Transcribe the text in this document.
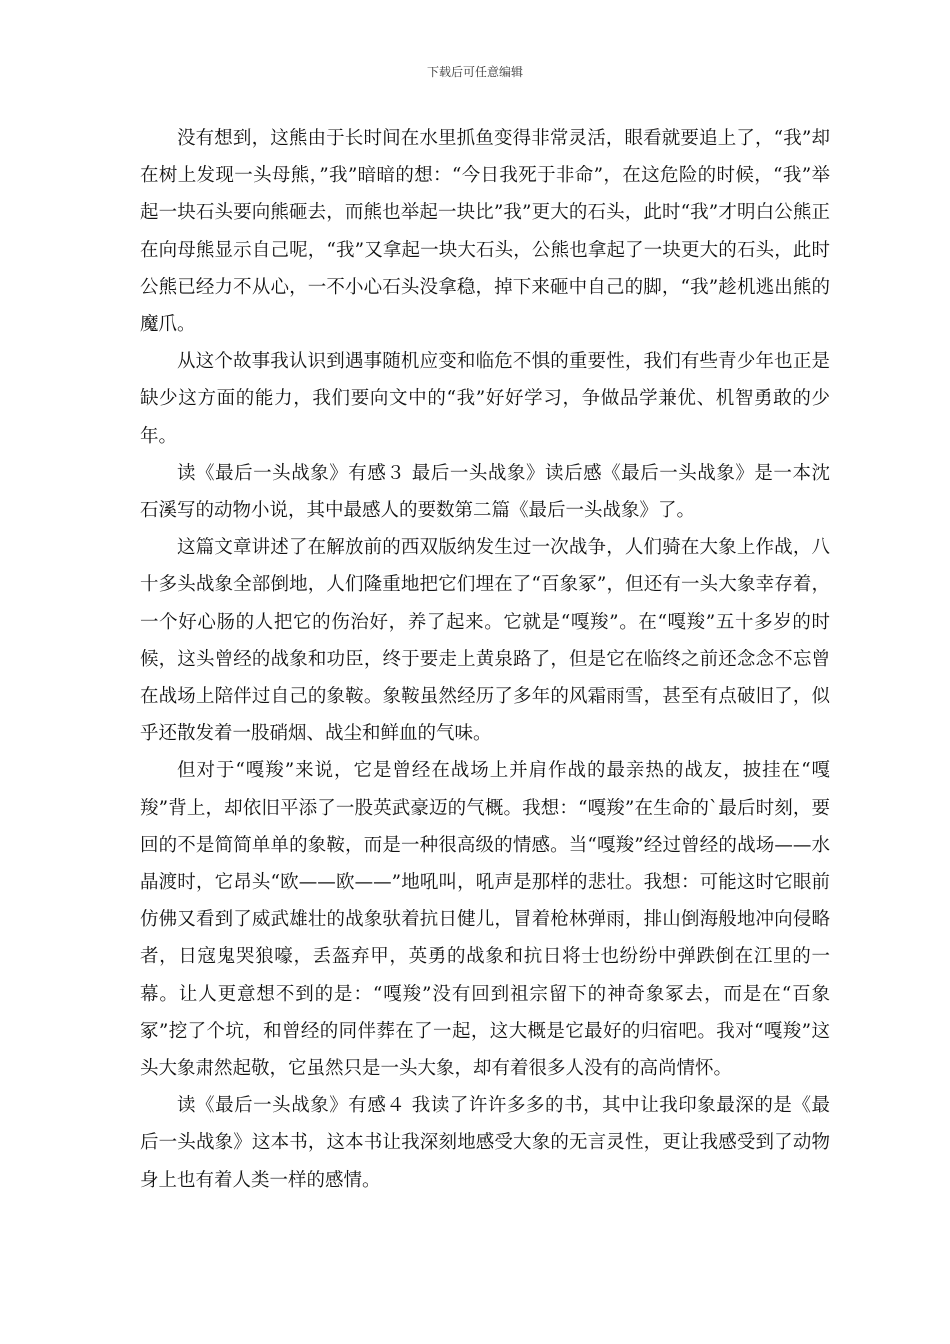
下载后可任意编辑

没有想到，这熊由于长时间在水里抓鱼变得非常灵活，眼看就要追上了，“我”却在树上发现一头母熊，”我”暗暗的想：“今日我死于非命”，在这危险的时候，“我”举起一块石头要向熊砸去，而熊也举起一块比”我”更大的石头，此时“我”才明白公熊正在向母熊显示自己呢，“我”又拿起一块大石头，公熊也拿起了一块更大的石头，此时公熊已经力不从心，一不小心石头没拿稳，掉下来砸中自己的脚，“我”趁机逃出熊的魔爪。

从这个故事我认识到遇事随机应变和临危不惧的重要性，我们有些青少年也正是缺少这方面的能力，我们要向文中的“我”好好学习，争做品学兼优、机智勇敢的少年。

读《最后一头战象》有感３ 最后一头战象》读后感《最后一头战象》是一本沈石溪写的动物小说，其中最感人的要数第二篇《最后一头战象》了。

这篇文章讲述了在解放前的西双版纳发生过一次战争，人们骑在大象上作战，八十多头战象全部倒地，人们隆重地把它们埋在了“百象冢”，但还有一头大象幸存着，一个好心肠的人把它的伤治好，养了起来。它就是“嘎羧”。在“嘎羧”五十多岁的时候，这头曾经的战象和功臣，终于要走上黄泉路了，但是它在临终之前还念念不忘曾在战场上陪伴过自己的象鞍。象鞍虽然经历了多年的风霜雨雪，甚至有点破旧了，似乎还散发着一股硝烟、战尘和鲜血的气味。

但对于“嘎羧”来说，它是曾经在战场上并肩作战的最亲热的战友，披挂在“嘎羧”背上，却依旧平添了一股英武豪迈的气概。我想：“嘎羧”在生命的`最后时刻，要回的不是简简单单的象鞍，而是一种很高级的情感。当“嘎羧”经过曾经的战场——水晶渡时，它昂头“欧——欧——”地吼叫，吼声是那样的悲壮。我想：可能这时它眼前仿佛又看到了威武雄壮的战象驮着抗日健儿，冒着枪林弹雨，排山倒海般地冲向侵略者，日寇鬼哭狼嚎，丢盔弃甲，英勇的战象和抗日将士也纷纷中弹跌倒在江里的一幕。让人更意想不到的是：“嘎羧”没有回到祖宗留下的神奇象冢去，而是在“百象冢”挖了个坑，和曾经的同伴葬在了一起，这大概是它最好的归宿吧。我对“嘎羧”这头大象肃然起敬，它虽然只是一头大象，却有着很多人没有的高尚情怀。

读《最后一头战象》有感４ 我读了许许多多的书，其中让我印象最深的是《最后一头战象》这本书，这本书让我深刻地感受大象的无言灵性，更让我感受到了动物身上也有着人类一样的感情。
